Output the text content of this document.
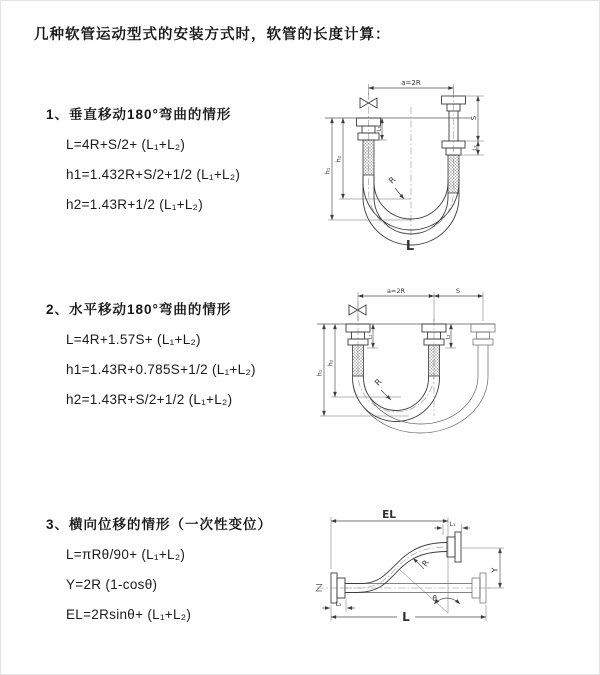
几种软管运动型式的安装方式时，软管的长度计算：
1、垂直移动180°弯曲的情形
L=4R+S/2+ (L₁+L₂)
h1=1.432R+S/2+1/2 (L₁+L₂)
h2=1.43R+1/2 (L₁+L₂)
2、水平移动180°弯曲的情形
L=4R+1.57S+ (L₁+L₂)
h1=1.43R+0.785S+1/2 (L₁+L₂)
h2=1.43R+S/2+1/2 (L₁+L₂)
3、横向位移的情形（一次性变位）
L=πRθ/90+ (L₁+L₂)
Y=2R (1-cosθ)
EL=2Rsinθ+ (L₁+L₂)
R
a=2R
h₁
h₂
S
L₂
L₁
L
a=2R	S
R
h₁
h₂
L₁	L₂
EL
L₁
Y
θ
R
L₂
L
